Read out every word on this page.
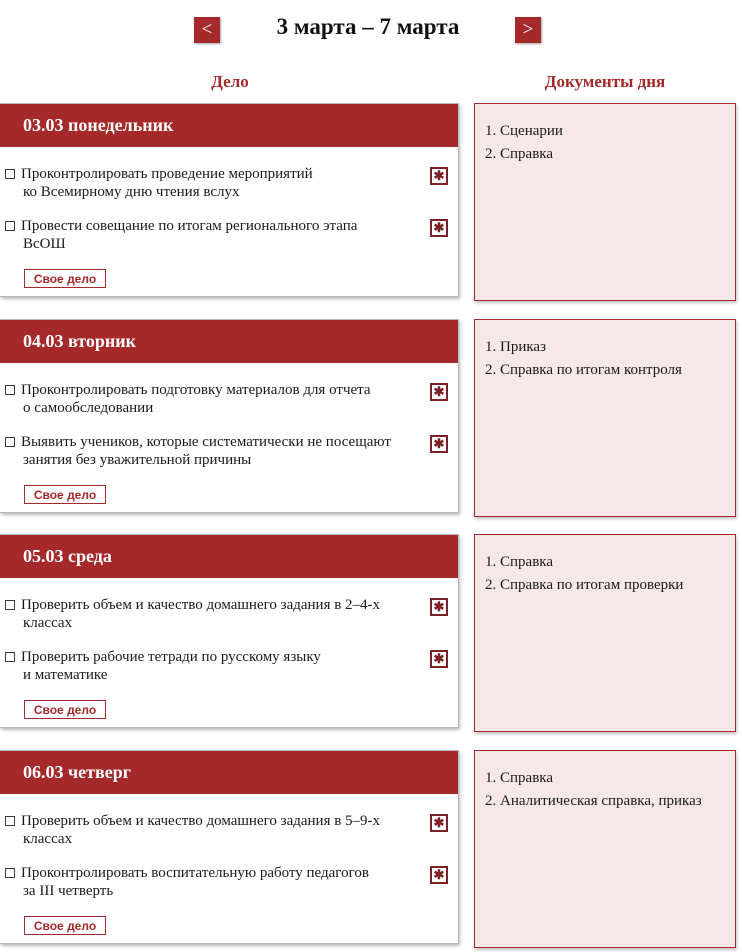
<	3 марта – 7 марта	>
Дело	Документы дня
03.03 понедельник
Проконтролировать проведение мероприятий
ко Всемирному дню чтения вслух
✱
Провести совещание по итогам регионального этапа
ВсОШ
✱
Свое дело
1. Сценарии
2. Справка
04.03 вторник
Проконтролировать подготовку материалов для отчета
о самообследовании
✱
Выявить учеников, которые систематически не посещают
занятия без уважительной причины
✱
Свое дело
1. Приказ
2. Справка по итогам контроля
05.03 среда
Проверить объем и качество домашнего задания в 2–4-х
классах
✱
Проверить рабочие тетради по русскому языку
и математике
✱
Свое дело
1. Справка
2. Справка по итогам проверки
06.03 четверг
Проверить объем и качество домашнего задания в 5–9-х
классах
✱
Проконтролировать воспитательную работу педагогов
за III четверть
✱
Свое дело
1. Справка
2. Аналитическая справка, приказ
